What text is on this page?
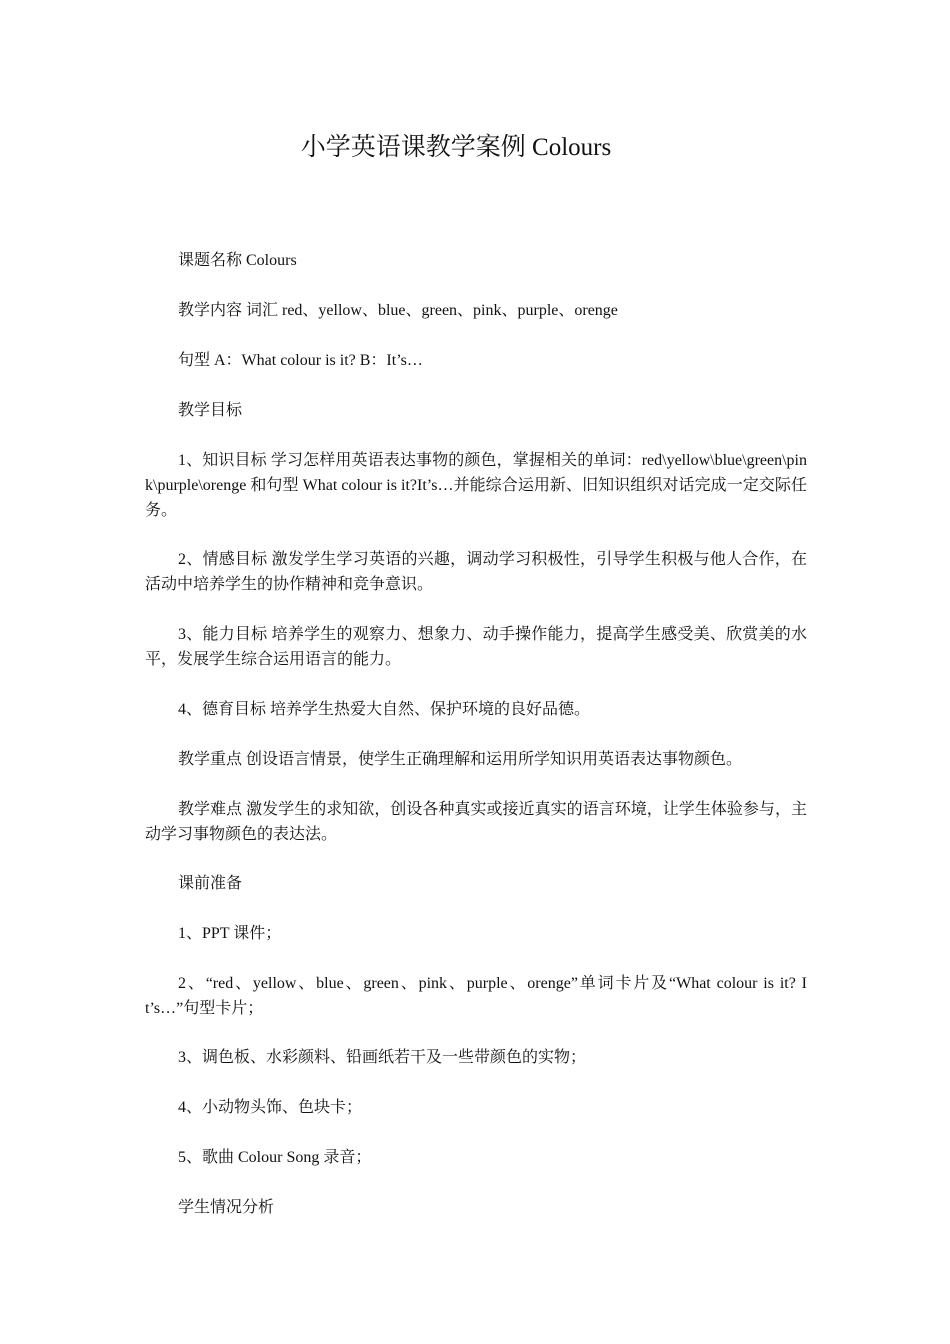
小学英语课教学案例 Colours

课题名称 Colours

教学内容 词汇 red、yellow、blue、green、pink、purple、orenge

句型 A：What colour is it? B：It’s…

教学目标

1、知识目标 学习怎样用英语表达事物的颜色，掌握相关的单词：red\yellow\blue\green\pink\purple\orenge 和句型 What colour is it?It’s…并能综合运用新、旧知识组织对话完成一定交际任务。

2、情感目标 激发学生学习英语的兴趣，调动学习积极性，引导学生积极与他人合作，在活动中培养学生的协作精神和竞争意识。

3、能力目标 培养学生的观察力、想象力、动手操作能力，提高学生感受美、欣赏美的水平，发展学生综合运用语言的能力。

4、德育目标 培养学生热爱大自然、保护环境的良好品德。

教学重点 创设语言情景，使学生正确理解和运用所学知识用英语表达事物颜色。

教学难点 激发学生的求知欲，创设各种真实或接近真实的语言环境，让学生体验参与，主动学习事物颜色的表达法。

课前准备

1、PPT 课件；

2、“red、yellow、blue、green、pink、purple、orenge”单词卡片及“What colour is it? It’s…”句型卡片；

3、调色板、水彩颜料、铅画纸若干及一些带颜色的实物；

4、小动物头饰、色块卡；

5、歌曲 Colour Song 录音；

学生情况分析
